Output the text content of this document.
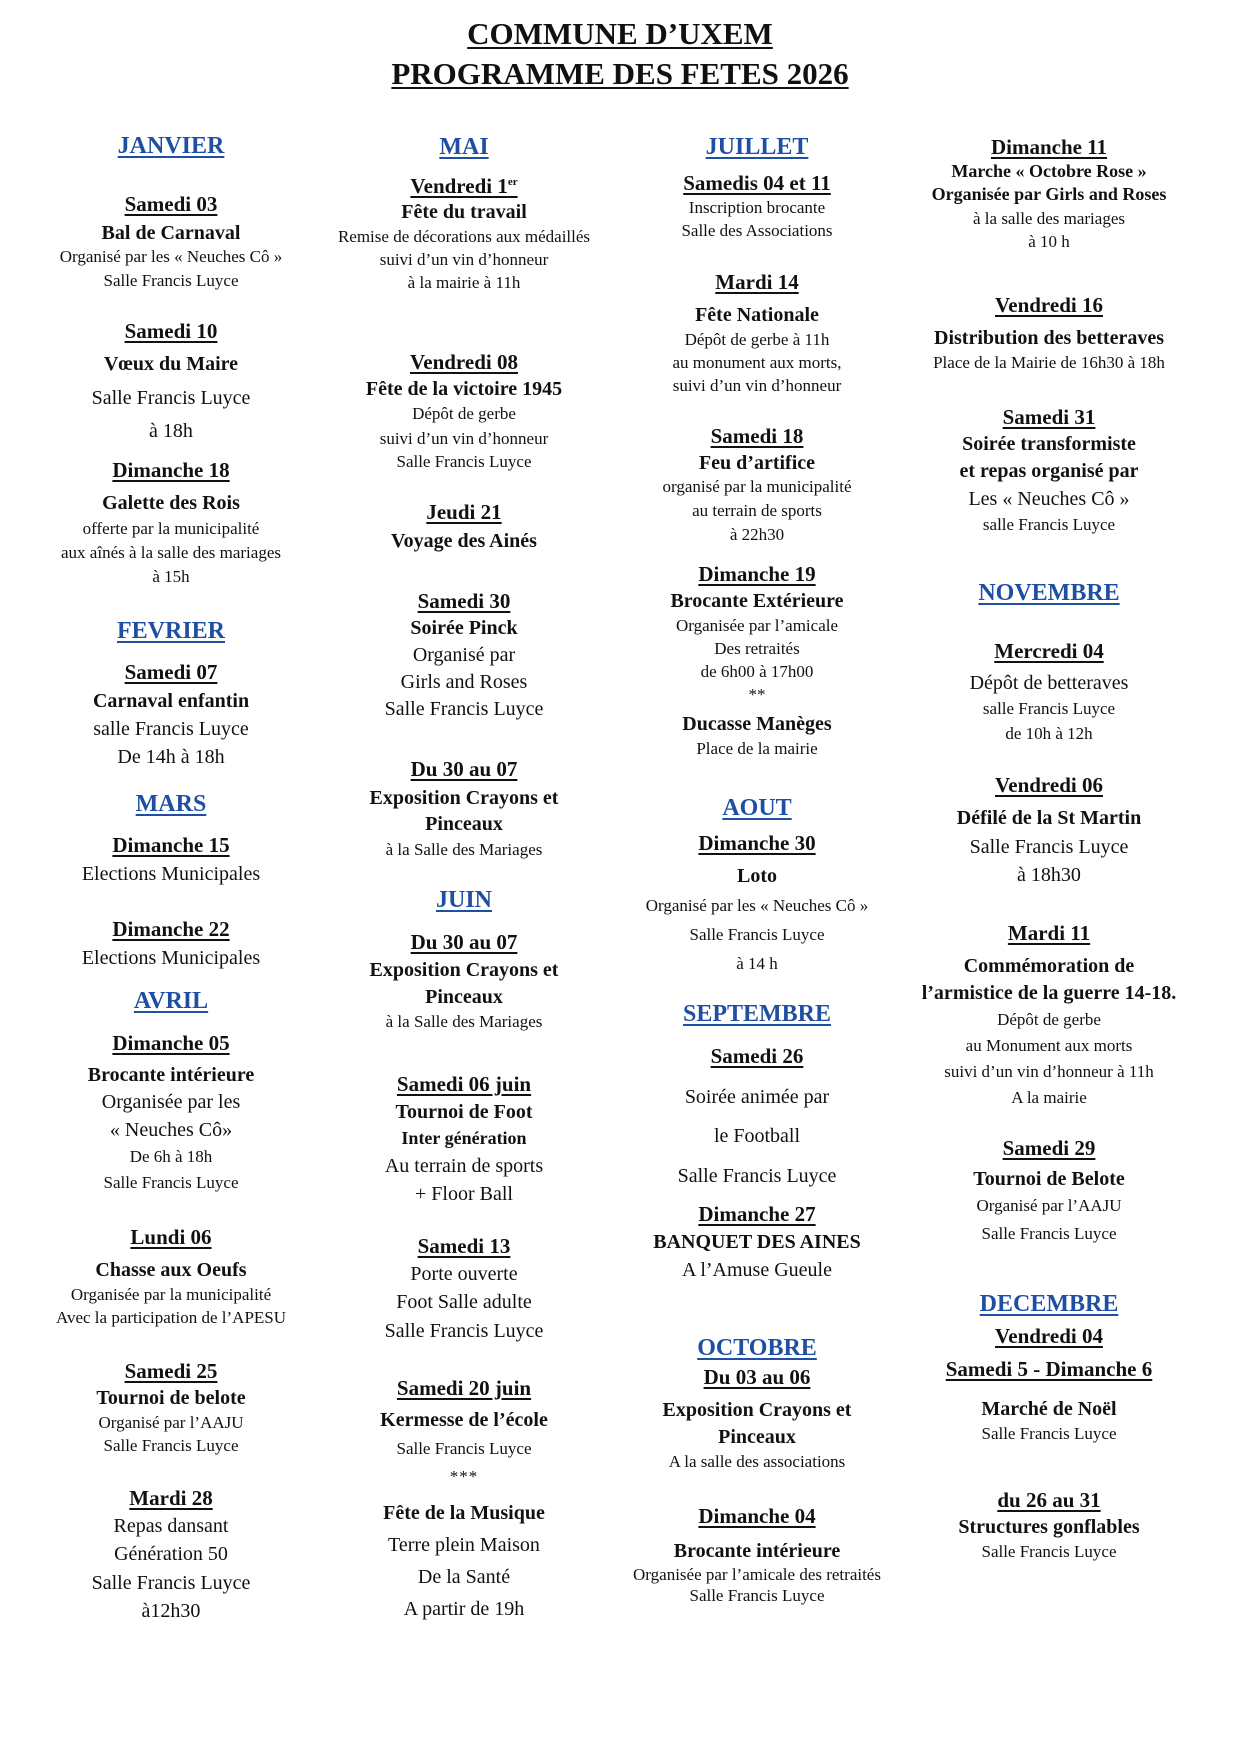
COMMUNE D’UXEM
PROGRAMME DES FETES 2026
JANVIER
Samedi 03
Bal de Carnaval
Organisé par les « Neuches Cô »
Salle Francis Luyce
Samedi 10
Vœux du Maire
Salle Francis Luyce
à 18h
Dimanche 18
Galette des Rois
offerte par la municipalité
aux aînés à la salle des mariages
à 15h
FEVRIER
Samedi 07
Carnaval enfantin
salle Francis Luyce
De 14h à 18h
MARS
Dimanche 15
Elections Municipales
Dimanche 22
Elections Municipales
AVRIL
Dimanche 05
Brocante intérieure
Organisée par les
« Neuches Cô»
De 6h à 18h
Salle Francis Luyce
Lundi 06
Chasse aux Oeufs
Organisée par la municipalité
Avec la participation de l’APESU
Samedi 25
Tournoi de belote
Organisé par l’AAJU
Salle Francis Luyce
Mardi 28
Repas dansant
Génération 50
Salle Francis Luyce
à12h30
MAI
Vendredi 1er
Fête du travail
Remise de décorations aux médaillés
suivi d’un vin d’honneur
à la mairie à 11h
Vendredi 08
Fête de la victoire 1945
Dépôt de gerbe
suivi d’un vin d’honneur
Salle Francis Luyce
Jeudi 21
Voyage des Ainés
Samedi 30
Soirée Pinck
Organisé par
Girls and Roses
Salle Francis Luyce
Du 30 au 07
Exposition Crayons et
Pinceaux
à la Salle des Mariages
JUIN
Du 30 au 07
Exposition Crayons et
Pinceaux
à la Salle des Mariages
Samedi 06 juin
Tournoi de Foot
Inter génération
Au terrain de sports
+ Floor Ball
Samedi 13
Porte ouverte
Foot Salle adulte
Salle Francis Luyce
Samedi 20 juin
Kermesse de l’école
Salle Francis Luyce
***
Fête de la Musique
Terre plein Maison
De la Santé
A partir de 19h
JUILLET
Samedis 04 et 11
Inscription brocante
Salle des Associations
Mardi 14
Fête Nationale
Dépôt de gerbe à 11h
au monument aux morts,
suivi d’un vin d’honneur
Samedi 18
Feu d’artifice
organisé par la municipalité
au terrain de sports
à 22h30
Dimanche 19
Brocante Extérieure
Organisée par l’amicale
Des retraités
de 6h00 à 17h00
**
Ducasse Manèges
Place de la mairie
AOUT
Dimanche 30
Loto
Organisé par les « Neuches Cô »
Salle Francis Luyce
à 14 h
SEPTEMBRE
Samedi 26
Soirée animée par
le Football
Salle Francis Luyce
Dimanche 27
BANQUET DES AINES
A l’Amuse Gueule
OCTOBRE
Du 03 au 06
Exposition Crayons et
Pinceaux
A la salle des associations
Dimanche 04
Brocante intérieure
Organisée par l’amicale des retraités
Salle Francis Luyce
Dimanche 11
Marche « Octobre Rose »
Organisée par Girls and Roses
à la salle des mariages
à 10 h
Vendredi 16
Distribution des betteraves
Place de la Mairie de 16h30 à 18h
Samedi 31
Soirée transformiste
et repas organisé par
Les « Neuches Cô »
salle Francis Luyce
NOVEMBRE
Mercredi 04
Dépôt de betteraves
salle Francis Luyce
de 10h à 12h
Vendredi 06
Défilé de la St Martin
Salle Francis Luyce
à 18h30
Mardi 11
Commémoration de
l’armistice de la guerre 14-18.
Dépôt de gerbe
au Monument aux morts
suivi d’un vin d’honneur à 11h
A la mairie
Samedi 29
Tournoi de Belote
Organisé par l’AAJU
Salle Francis Luyce
DECEMBRE
Vendredi 04
Samedi 5 - Dimanche 6
Marché de Noël
Salle Francis Luyce
du 26 au 31
Structures gonflables
Salle Francis Luyce
